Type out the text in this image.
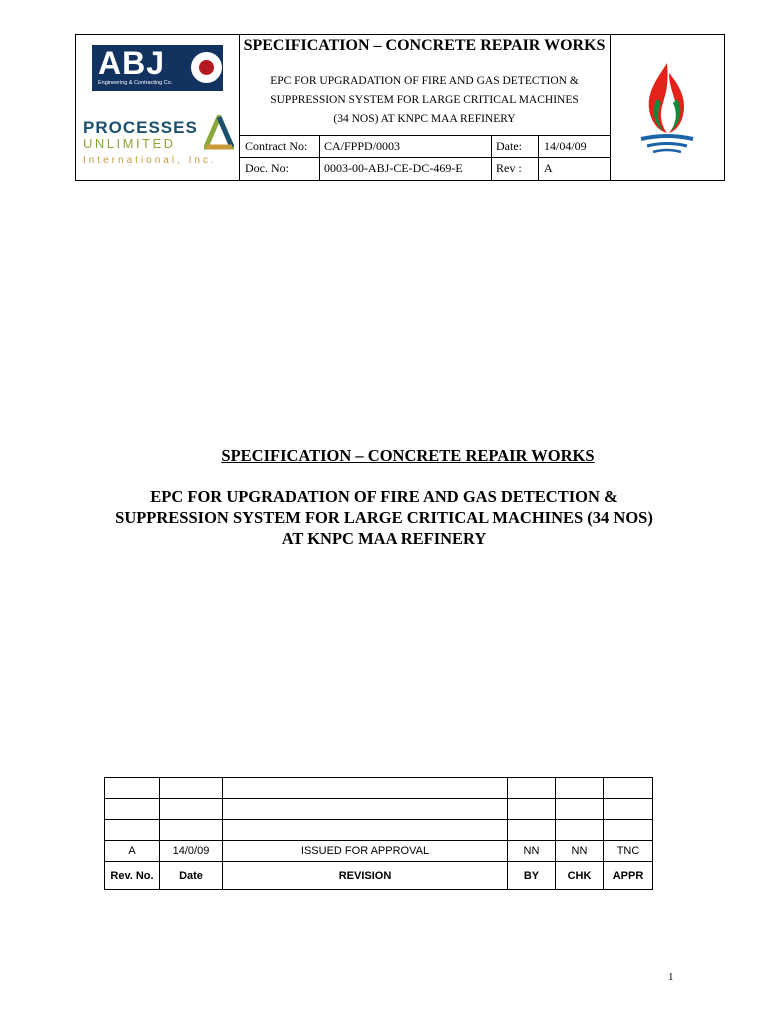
ABJ
Engineering & Contracting Co.
PROCESSES
UNLIMITED
International, Inc.
SPECIFICATION – CONCRETE REPAIR WORKS
EPC FOR UPGRADATION OF FIRE AND GAS DETECTION &
SUPPRESSION SYSTEM FOR LARGE CRITICAL MACHINES
(34 NOS) AT KNPC MAA REFINERY
Contract No:	CA/FPPD/0003	Date:	14/04/09
Doc. No:	0003-00-ABJ-CE-DC-469-E	Rev :	A
SPECIFICATION – CONCRETE REPAIR WORKS
EPC FOR UPGRADATION OF FIRE AND GAS DETECTION & SUPPRESSION SYSTEM FOR LARGE CRITICAL MACHINES (34 NOS) AT KNPC MAA REFINERY

A	14/0/09	ISSUED FOR APPROVAL	NN	NN	TNC
Rev. No.	Date	REVISION	BY	CHK	APPR
1
